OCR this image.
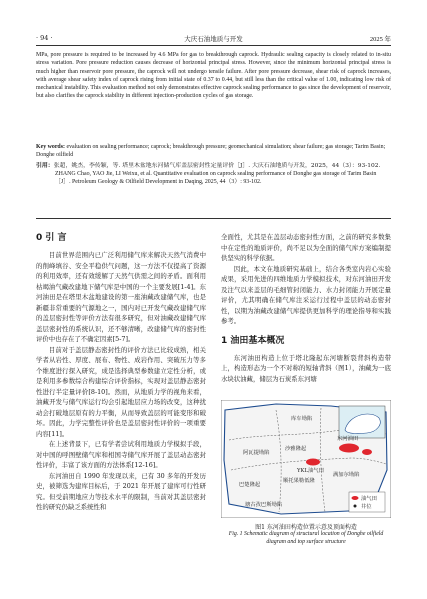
· 94 ·	大庆石油地质与开发	2025 年

MPa, pore pressure is required to be increased by 4.6 MPa for gas to breakthrough caprock. Hydraulic sealing capacity is closely related to in-situ stress variation. Pore pressure reduction causes decrease of horizontal principal stress. However, since the minimum horizontal principal stress is much higher than reservoir pore pressure, the caprock will not undergo tensile failure. After pore pressure decrease, shear risk of caprock increases, with average shear safety index of caprock rising from initial state of 0.37 to 0.44, but still less than the critical value of 1.00, indicating low risk of mechanical instability. This evaluation method not only demonstrates effective caprock sealing performance to gas since the development of reservoir, but also clarifies the caprock stability in different injection-production cycles of gas storage.

Key words: evaluation on sealing performance; caprock; breakthrough pressure; geomechanical simulation; shear failure; gas storage; Tarim Basin; Donghe oilfield
引用：张超，姚杰，李传颖，等. 塔里木盆地东河储气库盖层密封性定量评价［J］. 大庆石油地质与开发，2025，44（3）：93-102.
ZHANG Chao, YAO Jie, LI Weixu, et al. Quantitative evaluation on caprock sealing performance of Donghe gas storage of Tarim Basin［J］. Petroleum Geology & Oilfield Development in Daqing, 2025, 44（3）: 93-102.
0 引 言

目前世界范围内已广泛利用储气库来解决天然气消费中的削峰填谷、安全平稳供气问题，这一方法不仅提高了资源的利用效率，还有效缓解了天然气供需之间的矛盾。面利用枯竭油气藏改建地下储气库是中国的一个主要发展[1-4]。东河油田是在塔里木盆地建设的第一座油藏改建储气库，也是新疆非常重要的气源地之一，国内对已开发气藏改建储气库的盖层密封性等评价方法有很多研究，但对油藏改建储气库盖层密封性的系统认识，还不够清晰，改建储气库的密封性评价中也存在了不确定因素[5-7]。

目前对于盖层静态密封性的评价方法已比较成熟，相关学者从岩性、厚度、展布、物性、成岩作用、突破压力等多个维度进行探入研究，成是选择典型参数建立定性分析，或是利用多参数综合构建综合评价指标，实现对盖层静态密封性进行半定量评价[8-10]。然而，从地质力学的视角来看，油藏开发与储气库运行均会引起地层应力场的改变，这种扰动会打破地层原有的力平衡，从而导致盖层的可能变形和破坏。因此，力学完整性评价也是盖层密封性评价的一项重要内容[11]。

在上述背景下，已有学者尝试利用地质力学模拟手段，对中国的呼图壁储气库和相国寺储气库开展了盖层动态密封性评价，丰富了该方面的方法体系[12-16]。

东河油田自 1990 年发现以来，已有 30 多年的开发历史，被筛选为建库目标后，于 2021 年开展了建库可行性研究。但受前期地应力等技术水平的限制，当前对其盖层密封性的研究仍缺乏系统性和

全面性，尤其是在盖层动态密封性方面，之前的研究多数集中在定性的地质评价，尚不足以为全面的储气库方案编制提供坚实的科学依据。

因此，本文在地质研究基础上，结合各类室内岩心实验成果，采用先进的四维地质力学模拟技术，对东河油田开发及注气以来盖层的毛细管封闭能力、水力封闭能力开展定量评价，尤其明确在储气库注采运行过程中盖层的动态密封性，以期为油藏改建储气库提供更加科学的理论指导和实践参考。

1 油田基本概况

东河油田构造上位于塔北隆起东河塘断裂背斜构造带上，构造形态为一个不对称的短轴背斜（图1），油藏为一底水块状油藏，储层为石炭系东河塘

库车坳陷
阿瓦提坳陷
沙雅隆起
满加尔坳陷
顺托果勒低隆
巴楚隆起
塘古孜巴斯坳陷
东河油田
YKL油气田
油气田
井位
图1 东河油田构造位置示意及顶面构造
Fig. 1 Schematic diagram of structural location of Donghe oilfield diagram and top surface structure
